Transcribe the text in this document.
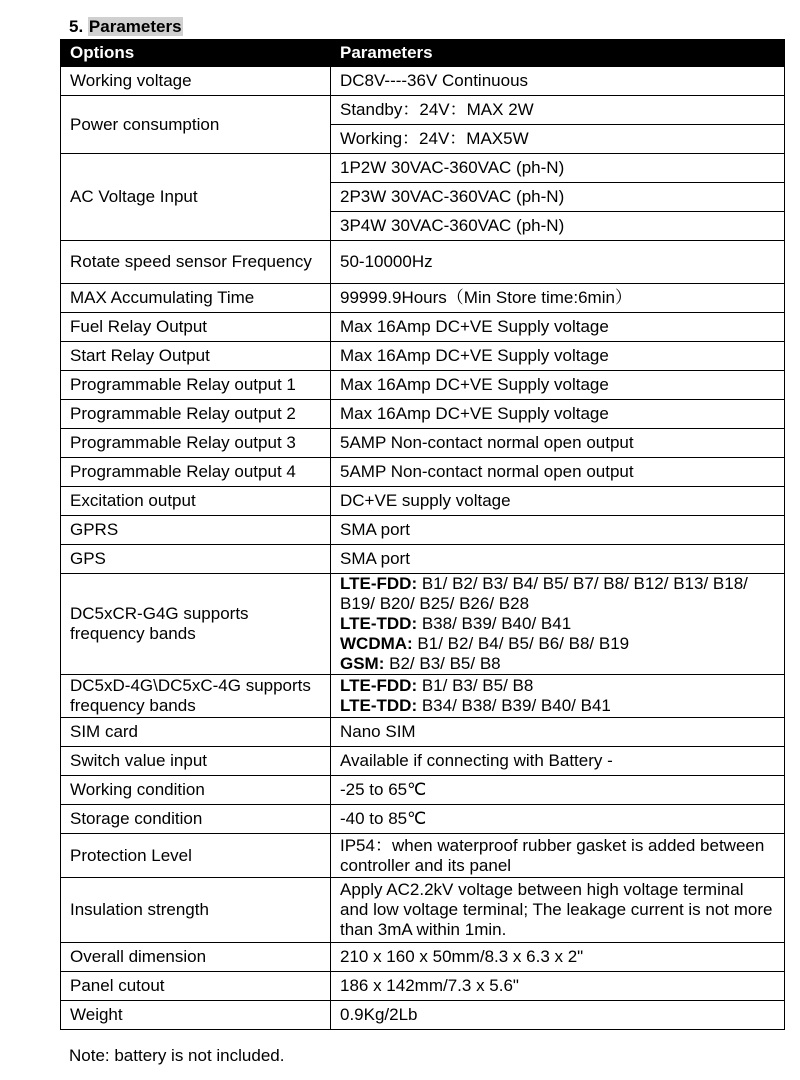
5. Parameters
Options	Parameters
Working voltage	DC8V----36V Continuous
Power consumption	Standby：24V：MAX 2W
	Working：24V：MAX5W
AC Voltage Input	1P2W 30VAC-360VAC (ph-N)
	2P3W 30VAC-360VAC (ph-N)
	3P4W 30VAC-360VAC (ph-N)
Rotate speed sensor Frequency	50-10000Hz
MAX Accumulating Time	99999.9Hours（Min Store time:6min）
Fuel Relay Output	Max 16Amp DC+VE Supply voltage
Start Relay Output	Max 16Amp DC+VE Supply voltage
Programmable Relay output 1	Max 16Amp DC+VE Supply voltage
Programmable Relay output 2	Max 16Amp DC+VE Supply voltage
Programmable Relay output 3	5AMP Non-contact normal open output
Programmable Relay output 4	5AMP Non-contact normal open output
Excitation output	DC+VE supply voltage
GPRS	SMA port
GPS	SMA port
DC5xCR-G4G supports frequency bands	LTE-FDD: B1/ B2/ B3/ B4/ B5/ B7/ B8/ B12/ B13/ B18/ B19/ B20/ B25/ B26/ B28
LTE-TDD: B38/ B39/ B40/ B41
WCDMA: B1/ B2/ B4/ B5/ B6/ B8/ B19
GSM: B2/ B3/ B5/ B8
DC5xD-4G\DC5xC-4G supports frequency bands	LTE-FDD: B1/ B3/ B5/ B8
LTE-TDD: B34/ B38/ B39/ B40/ B41
SIM card	Nano SIM
Switch value input	Available if connecting with Battery -
Working condition	-25 to 65℃
Storage condition	-40 to 85℃
Protection Level	IP54：when waterproof rubber gasket is added between controller and its panel
Insulation strength	Apply AC2.2kV voltage between high voltage terminal and low voltage terminal; The leakage current is not more than 3mA within 1min.
Overall dimension	210 x 160 x 50mm/8.3 x 6.3 x 2"
Panel cutout	186 x 142mm/7.3 x 5.6"
Weight	0.9Kg/2Lb
Note: battery is not included.
